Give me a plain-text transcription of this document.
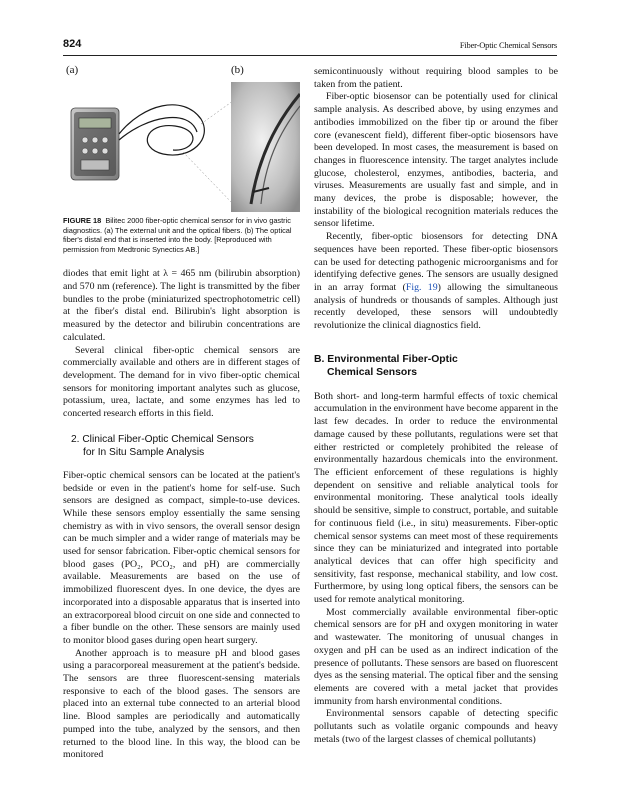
824	Fiber-Optic Chemical Sensors
(a)	(b)
FIGURE 18 Bilitec 2000 fiber-optic chemical sensor for in vivo gastric diagnostics. (a) The external unit and the optical fibers. (b) The optical fiber's distal end that is inserted into the body. [Reproduced with permission from Medtronic Synectics AB.]

diodes that emit light at λ = 465 nm (bilirubin absorption) and 570 nm (reference). The light is transmitted by the fiber bundles to the probe (miniaturized spectrophotometric cell) at the fiber's distal end. Bilirubin's light absorption is measured by the detector and bilirubin concentrations are calculated.

Several clinical fiber-optic chemical sensors are commercially available and others are in different stages of development. The demand for in vivo fiber-optic chemical sensors for monitoring important analytes such as glucose, potassium, urea, lactate, and some enzymes has led to concerted research efforts in this field.

2. Clinical Fiber-Optic Chemical Sensors
for In Situ Sample Analysis

Fiber-optic chemical sensors can be located at the patient's bedside or even in the patient's home for self-use. Such sensors are designed as compact, simple-to-use devices. While these sensors employ essentially the same sensing chemistry as with in vivo sensors, the overall sensor design can be much simpler and a wider range of materials may be used for sensor fabrication. Fiber-optic chemical sensors for blood gases (PO₂, PCO₂, and pH) are commercially available. Measurements are based on the use of immobilized fluorescent dyes. In one device, the dyes are incorporated into a disposable apparatus that is inserted into an extracorporeal blood circuit on one side and connected to a fiber bundle on the other. These sensors are mainly used to monitor blood gases during open heart surgery.

Another approach is to measure pH and blood gases using a paracorporeal measurement at the patient's bedside. The sensors are three fluorescent-sensing materials responsive to each of the blood gases. The sensors are placed into an external tube connected to an arterial blood line. Blood samples are periodically and automatically pumped into the tube, analyzed by the sensors, and then returned to the blood line. In this way, the blood can be monitored

semicontinuously without requiring blood samples to be taken from the patient.

Fiber-optic biosensor can be potentially used for clinical sample analysis. As described above, by using enzymes and antibodies immobilized on the fiber tip or around the fiber core (evanescent field), different fiber-optic biosensors have been developed. In most cases, the measurement is based on changes in fluorescence intensity. The target analytes include glucose, cholesterol, enzymes, antibodies, bacteria, and viruses. Measurements are usually fast and simple, and in many devices, the probe is disposable; however, the instability of the biological recognition materials reduces the sensor lifetime.

Recently, fiber-optic biosensors for detecting DNA sequences have been reported. These fiber-optic biosensors can be used for detecting pathogenic microorganisms and for identifying defective genes. The sensors are usually designed in an array format (Fig. 19) allowing the simultaneous analysis of hundreds or thousands of samples. Although just recently developed, these sensors will undoubtedly revolutionize the clinical diagnostics field.

B. Environmental Fiber-Optic
Chemical Sensors

Both short- and long-term harmful effects of toxic chemical accumulation in the environment have become apparent in the last few decades. In order to reduce the environmental damage caused by these pollutants, regulations were set that either restricted or completely prohibited the release of environmentally hazardous chemicals into the environment. The efficient enforcement of these regulations is highly dependent on sensitive and reliable analytical tools for environmental monitoring. These analytical tools ideally should be sensitive, simple to construct, portable, and suitable for continuous field (i.e., in situ) measurements. Fiber-optic chemical sensor systems can meet most of these requirements since they can be miniaturized and integrated into portable analytical devices that can offer high specificity and sensitivity, fast response, mechanical stability, and low cost. Furthermore, by using long optical fibers, the sensors can be used for remote analytical monitoring.

Most commercially available environmental fiber-optic chemical sensors are for pH and oxygen monitoring in water and wastewater. The monitoring of unusual changes in oxygen and pH can be used as an indirect indication of the presence of pollutants. These sensors are based on fluorescent dyes as the sensing material. The optical fiber and the sensing elements are covered with a metal jacket that provides immunity from harsh environmental conditions.

Environmental sensors capable of detecting specific pollutants such as volatile organic compounds and heavy metals (two of the largest classes of chemical pollutants)
